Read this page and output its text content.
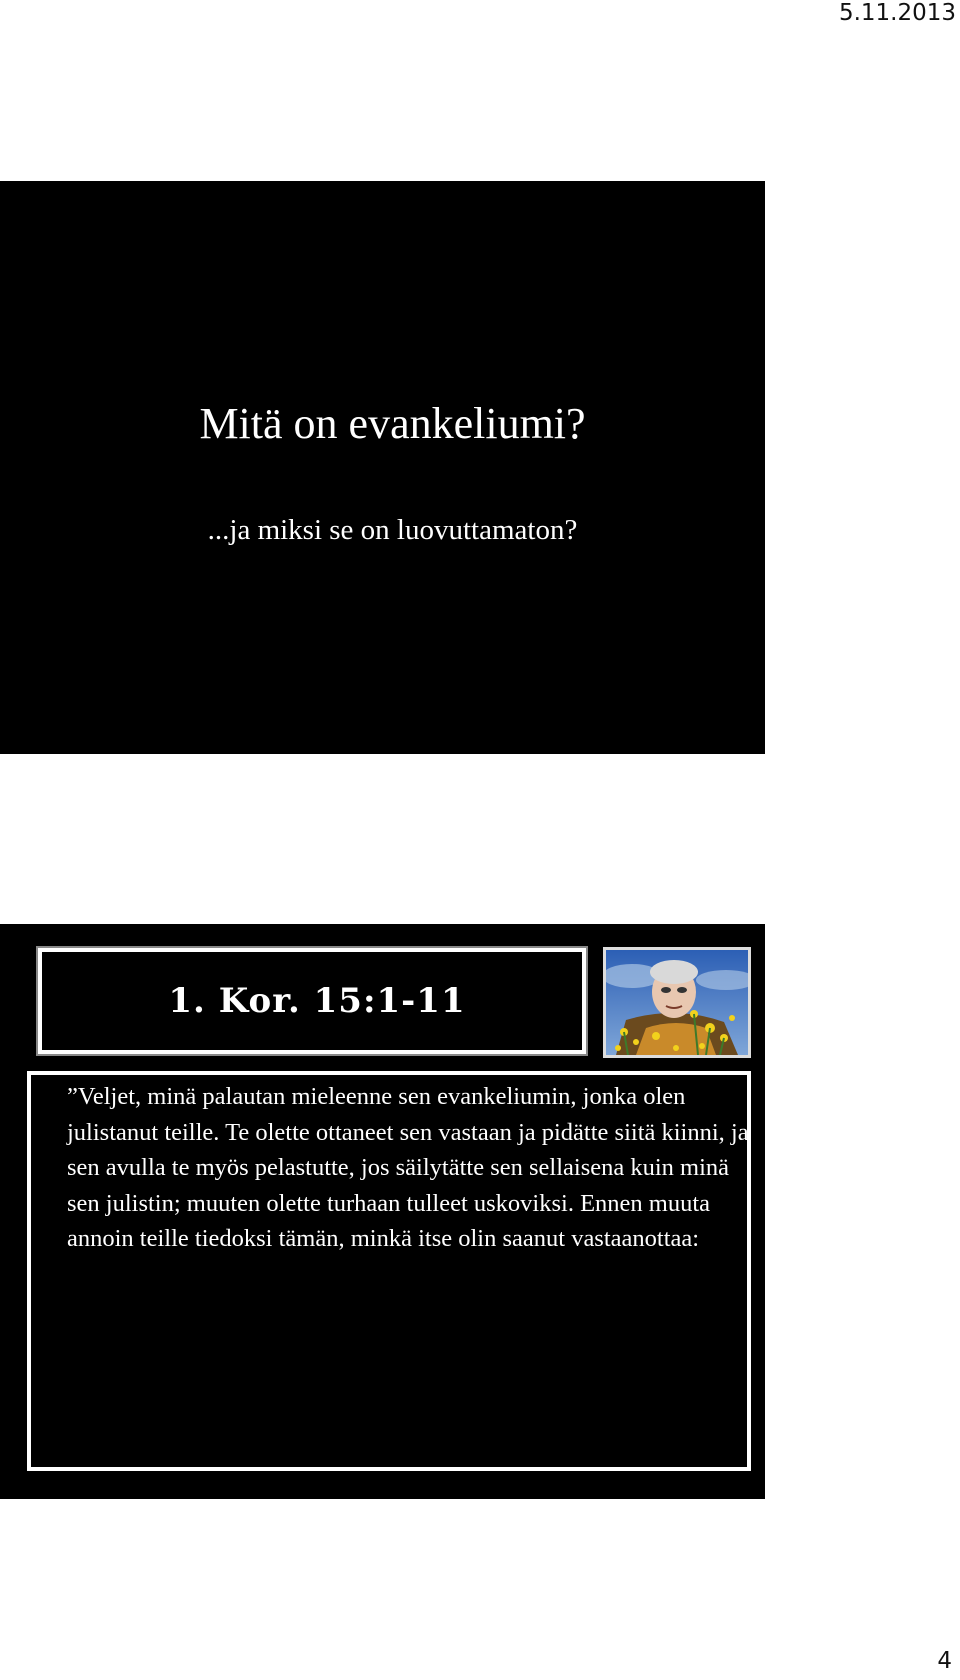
5.11.2013
Mitä on evankeliumi?
...ja miksi se on luovuttamaton?
1. Kor. 15:1-11

”Veljet, minä palautan mieleenne sen evankeliumin, jonka olen julistanut teille. Te olette ottaneet sen vastaan ja pidätte siitä kiinni, ja sen avulla te myös pelastutte, jos säilytätte sen sellaisena kuin minä sen julistin; muuten olette turhaan tulleet uskoviksi. Ennen muuta annoin teille tiedoksi tämän, minkä itse olin saanut vastaanottaa:

4
